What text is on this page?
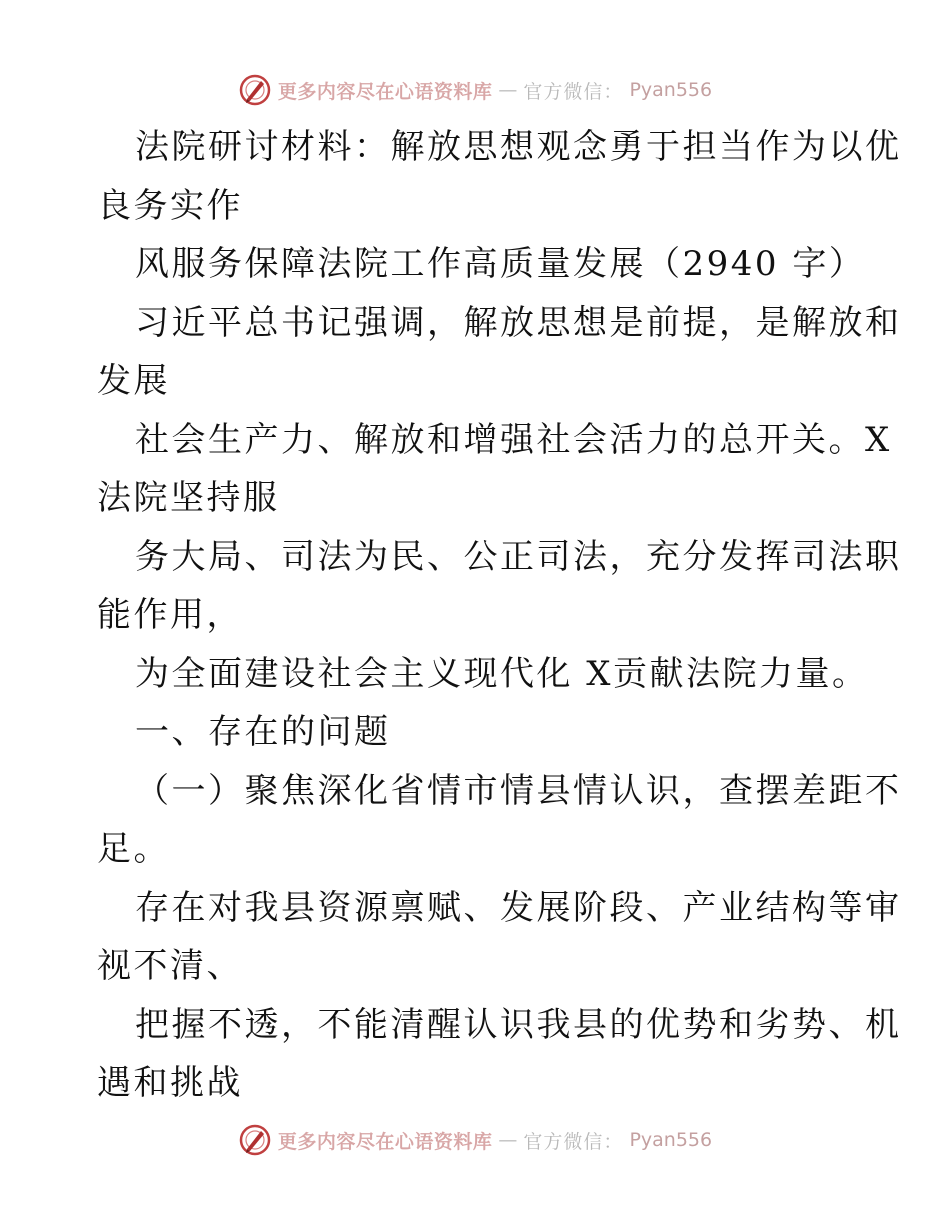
更多内容尽在心语资料库 — 官方微信： Pyan556
法院研讨材料：解放思想观念勇于担当作为以优
良务实作
风服务保障法院工作高质量发展（2940 字）
习近平总书记强调，解放思想是前提，是解放和
发展
社会生产力、解放和增强社会活力的总开关。X
法院坚持服
务大局、司法为民、公正司法，充分发挥司法职
能作用，
为全面建设社会主义现代化 X贡献法院力量。
一、存在的问题
（一）聚焦深化省情市情县情认识，查摆差距不
足。
存在对我县资源禀赋、发展阶段、产业结构等审
视不清、
把握不透，不能清醒认识我县的优势和劣势、机
遇和挑战
更多内容尽在心语资料库 — 官方微信： Pyan556
